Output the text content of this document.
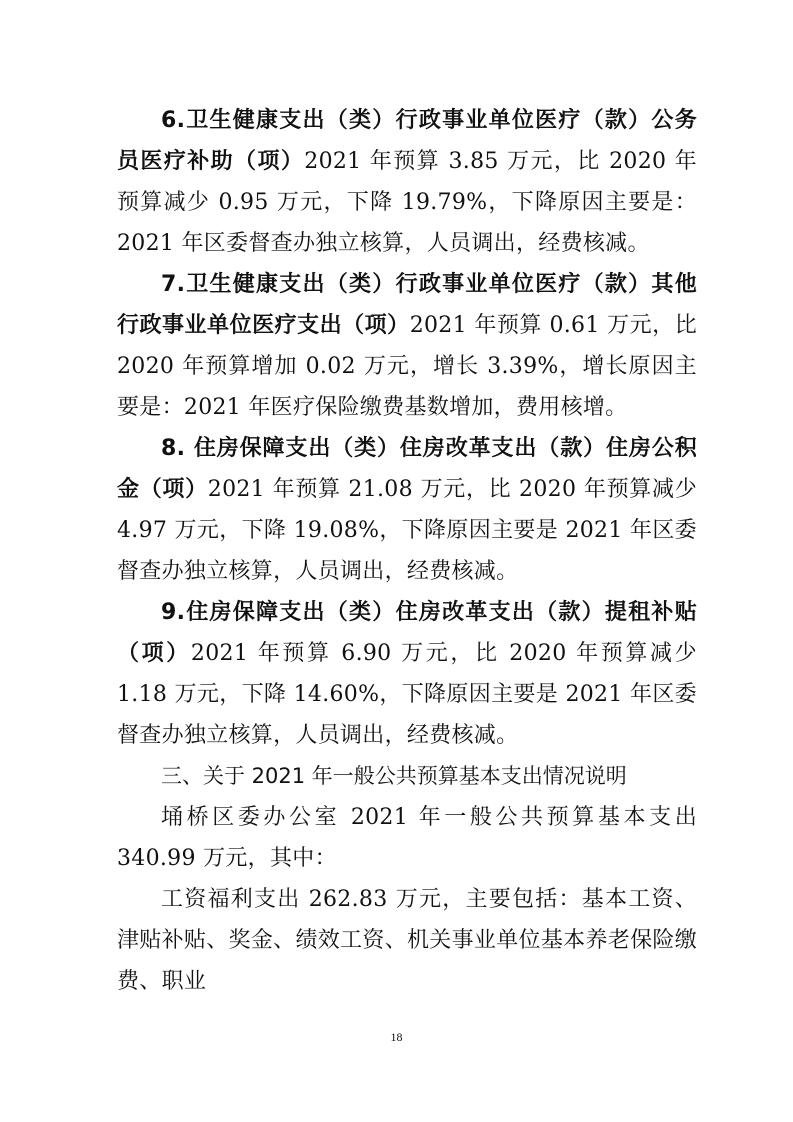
6.卫生健康支出（类）行政事业单位医疗（款）公务员医疗补助（项）2021 年预算 3.85 万元，比 2020 年预算减少 0.95 万元，下降 19.79%，下降原因主要是：2021 年区委督查办独立核算，人员调出，经费核减。

7.卫生健康支出（类）行政事业单位医疗（款）其他行政事业单位医疗支出（项）2021 年预算 0.61 万元，比 2020 年预算增加 0.02 万元，增长 3.39%，增长原因主要是：2021 年医疗保险缴费基数增加，费用核增。

8. 住房保障支出（类）住房改革支出（款）住房公积金（项）2021 年预算 21.08 万元，比 2020 年预算减少 4.97 万元，下降 19.08%，下降原因主要是 2021 年区委督查办独立核算，人员调出，经费核减。

9.住房保障支出（类）住房改革支出（款）提租补贴（项）2021 年预算 6.90 万元，比 2020 年预算减少 1.18 万元，下降 14.60%，下降原因主要是 2021 年区委督查办独立核算，人员调出，经费核减。

三、关于 2021 年一般公共预算基本支出情况说明

埇桥区委办公室 2021 年一般公共预算基本支出 340.99 万元，其中：

工资福利支出 262.83 万元，主要包括：基本工资、津贴补贴、奖金、绩效工资、机关事业单位基本养老保险缴费、职业

18
